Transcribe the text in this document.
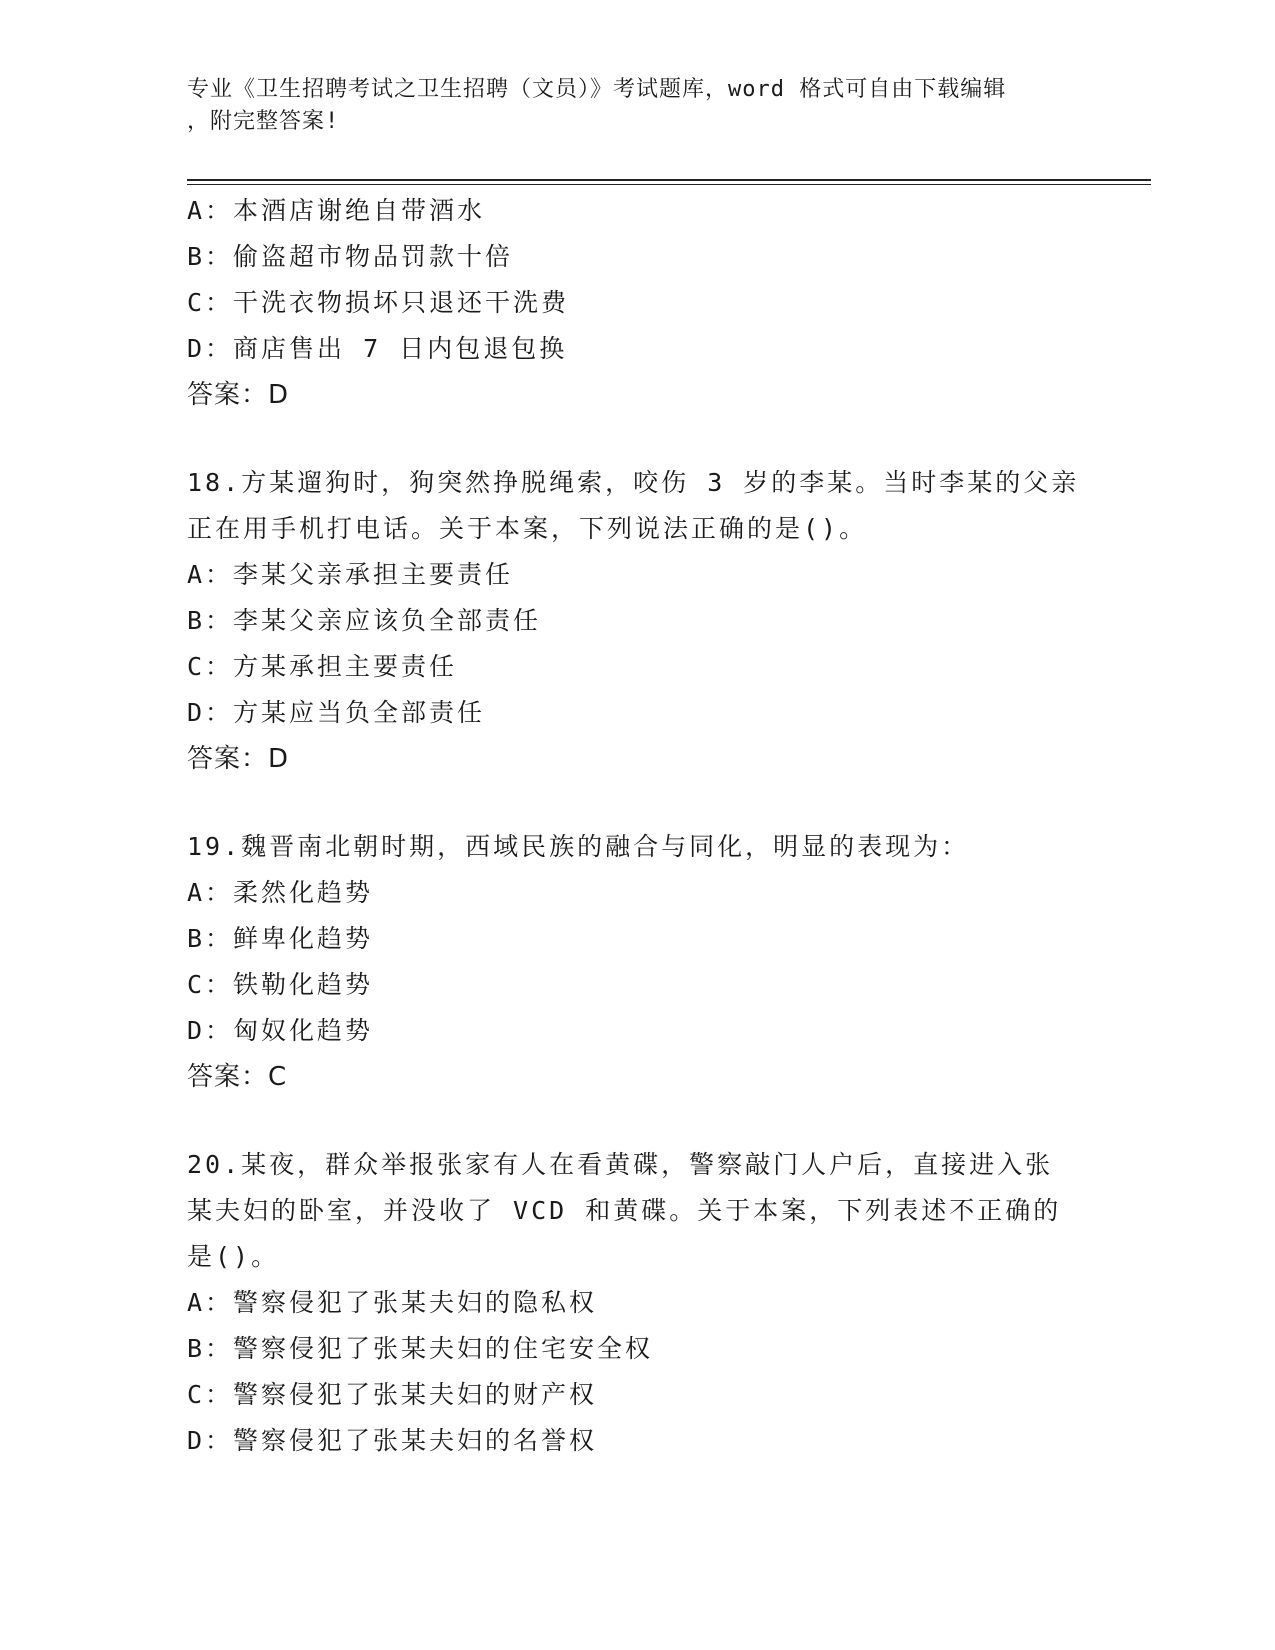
专业《卫生招聘考试之卫生招聘（文员）》考试题库，word 格式可自由下载编辑
，附完整答案!
A：本酒店谢绝自带酒水
B：偷盗超市物品罚款十倍
C：干洗衣物损坏只退还干洗费
D：商店售出 7 日内包退包换
答案：D
18.方某遛狗时，狗突然挣脱绳索，咬伤 3 岁的李某。当时李某的父亲
正在用手机打电话。关于本案，下列说法正确的是()。
A：李某父亲承担主要责任
B：李某父亲应该负全部责任
C：方某承担主要责任
D：方某应当负全部责任
答案：D
19.魏晋南北朝时期，西域民族的融合与同化，明显的表现为：
A：柔然化趋势
B：鲜卑化趋势
C：铁勒化趋势
D：匈奴化趋势
答案：C
20.某夜，群众举报张家有人在看黄碟，警察敲门人户后，直接进入张
某夫妇的卧室，并没收了 VCD 和黄碟。关于本案，下列表述不正确的
是()。
A：警察侵犯了张某夫妇的隐私权
B：警察侵犯了张某夫妇的住宅安全权
C：警察侵犯了张某夫妇的财产权
D：警察侵犯了张某夫妇的名誉权
